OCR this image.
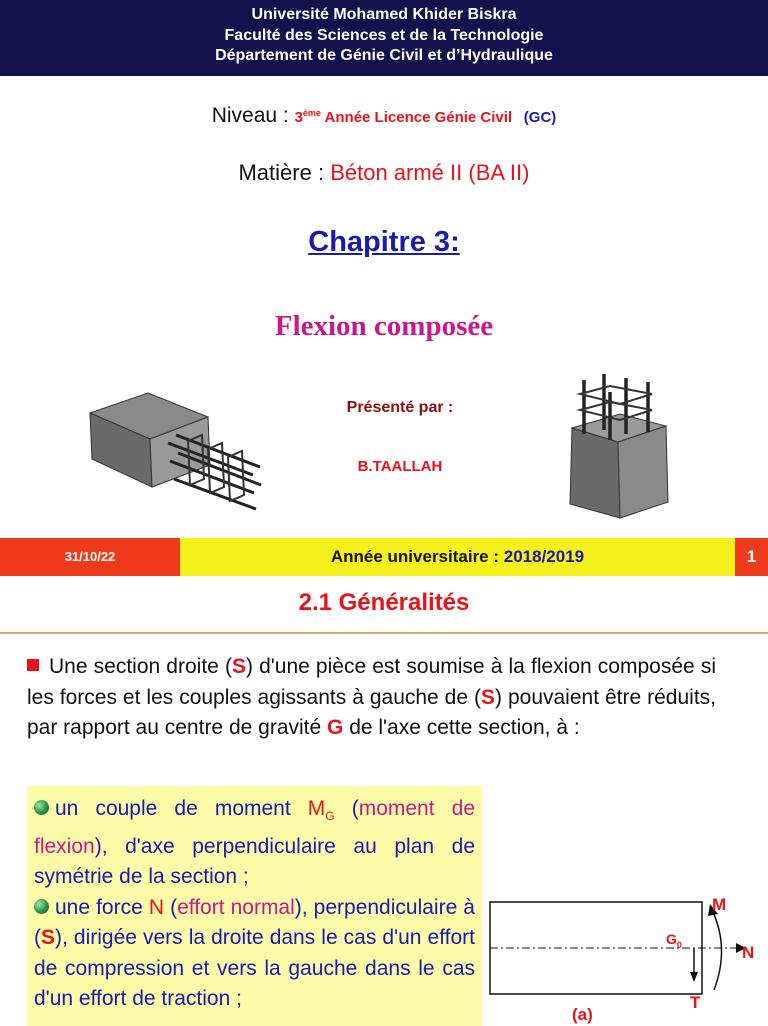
Université Mohamed Khider Biskra
Faculté des Sciences et de la Technologie
Département de Génie Civil et d’Hydraulique
Niveau : 3ème Année Licence Génie Civil (GC)
Matière : Béton armé II (BA II)
Chapitre 3:
Flexion composée
Présenté par :
B.TAALLAH
31/10/22	Année universitaire : 2018/2019	1
2.1 Généralités
Une section droite (S) d'une pièce est soumise à la flexion composée si les forces et les couples agissants à gauche de (S) pouvaient être réduits, par rapport au centre de gravité G de l'axe cette section, à :
un couple de moment $M_G$ (moment de flexion), d'axe perpendiculaire au plan de symétrie de la section ;
une force N (effort normal), perpendiculaire à (S), dirigée vers la droite dans le cas d'un effort de compression et vers la gauche dans le cas d'un effort de traction ;
M
$G_0$	N
T
(a)
